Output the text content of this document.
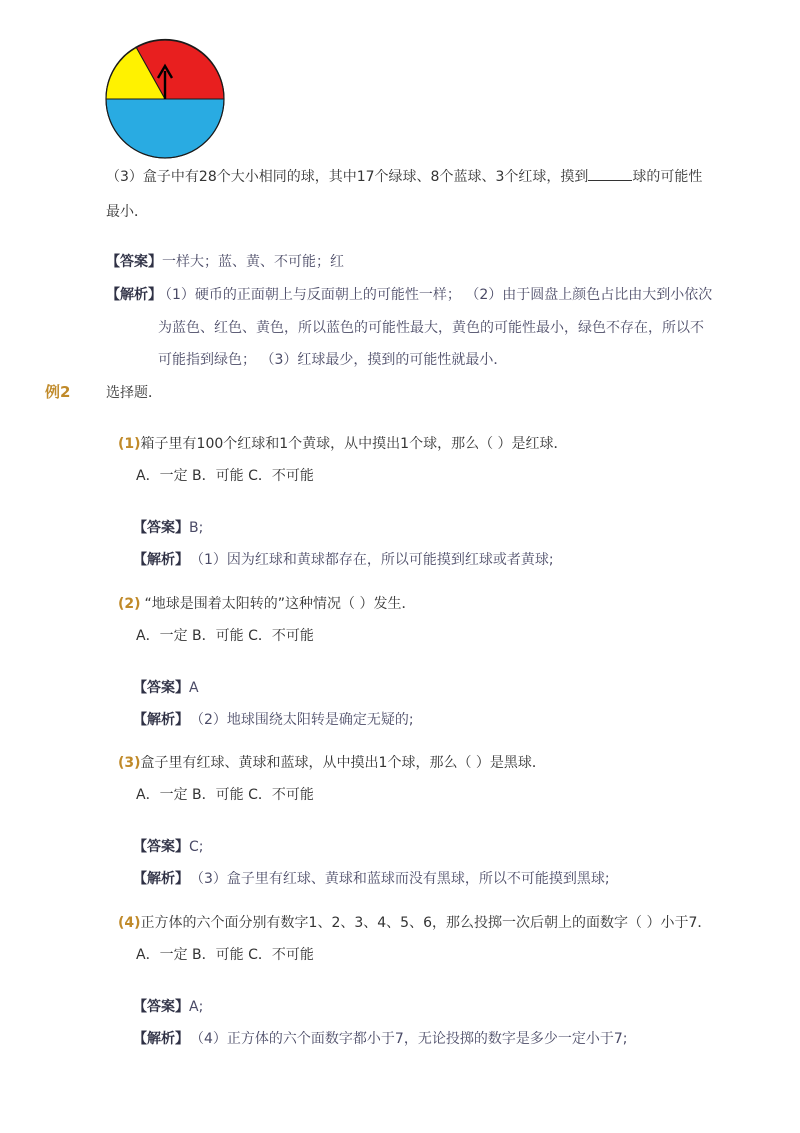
（3）盒子中有28个大小相同的球，其中17个绿球、8个蓝球、3个红球，摸到	球的可能性
最小．
【答案】一样大；蓝、黄、不可能；红
【解析】
（1）硬币的正面朝上与反面朝上的可能性一样； （2）由于圆盘上颜色占比由大到小依次
为蓝色、红色、黄色，所以蓝色的可能性最大，黄色的可能性最小，绿色不存在，所以不
可能指到绿色； （3）红球最少，摸到的可能性就最小．
例2	选择题．
(1)箱子里有100个红球和1个黄球，从中摸出1个球，那么（ ）是红球．
A．一定 B．可能 C．不可能
【答案】B;
【解析】 （1）因为红球和黄球都存在，所以可能摸到红球或者黄球;
(2) “地球是围着太阳转的”这种情况（ ）发生．
A．一定 B．可能 C．不可能
【答案】A
【解析】 （2）地球围绕太阳转是确定无疑的;
(3)盒子里有红球、黄球和蓝球，从中摸出1个球，那么（ ）是黑球．
A．一定 B．可能 C．不可能
【答案】C;
【解析】 （3）盒子里有红球、黄球和蓝球而没有黑球，所以不可能摸到黑球;
(4)正方体的六个面分别有数字1、2、3、4、5、6，那么投掷一次后朝上的面数字（ ）小于7．
A．一定 B．可能 C．不可能
【答案】A;
【解析】 （4）正方体的六个面数字都小于7，无论投掷的数字是多少一定小于7;
